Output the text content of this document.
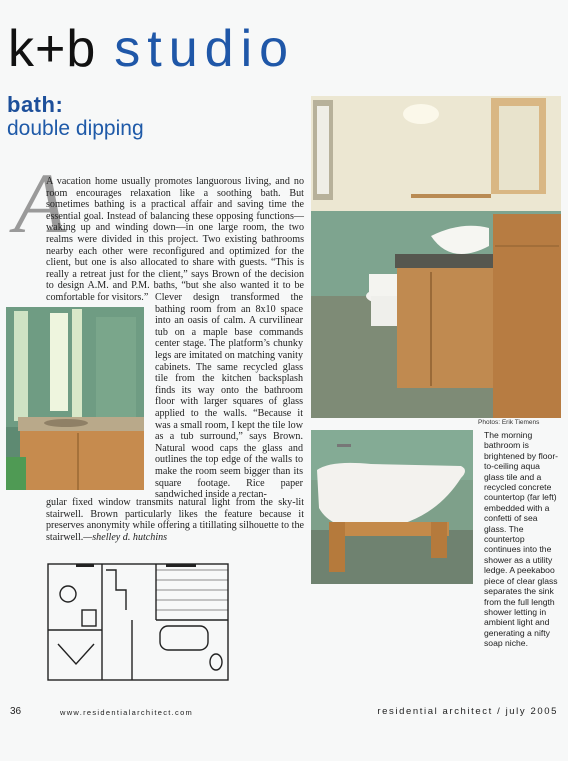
k+b studio
bath:
double dipping
A
A vacation home usually promotes languorous living, and no room encourages relaxation like a soothing bath. But sometimes bathing is a practical affair and saving time the essential goal. Instead of balancing these opposing functions—waking up and winding down—in one large room, the two realms were divided in this project. Two existing bathrooms nearby each other were reconfigured and optimized for the client, but one is also allocated to share with guests. “This is really a retreat just for the client,” says Brown of the decision to design A.M. and P.M. baths, “but she also wanted it to be comfortable for visitors.” Clever design transformed the bathing room from an 8x10 space into an oasis of calm. A curvilinear tub on a maple base commands center stage. The platform’s chunky legs are imitated on matching vanity cabinets. The same recycled glass tile from the kitchen backsplash finds its way onto the bathroom floor with larger squares of glass applied to the walls. “Because it was a small room, I kept the tile low as a tub surround,” says Brown. Natural wood caps the glass and outlines the top edge of the walls to make the room seem bigger than its square footage. Rice paper sandwiched inside a rectan-
gular fixed window transmits natural light from the sky-lit stairwell. Brown particularly likes the feature because it preserves anonymity while offering a titillating silhouette to the stairwell.—shelley d. hutchins
Photos: Erik Tiemens
The morning bathroom is brightened by floor-to-ceiling aqua glass tile and a recycled concrete countertop (far left) embedded with a confetti of sea glass. The countertop continues into the shower as a utility ledge. A peekaboo piece of clear glass separates the sink from the full length shower letting in ambient light and generating a nifty soap niche.
36	www.residentialarchitect.com	residential architect / july 2005
